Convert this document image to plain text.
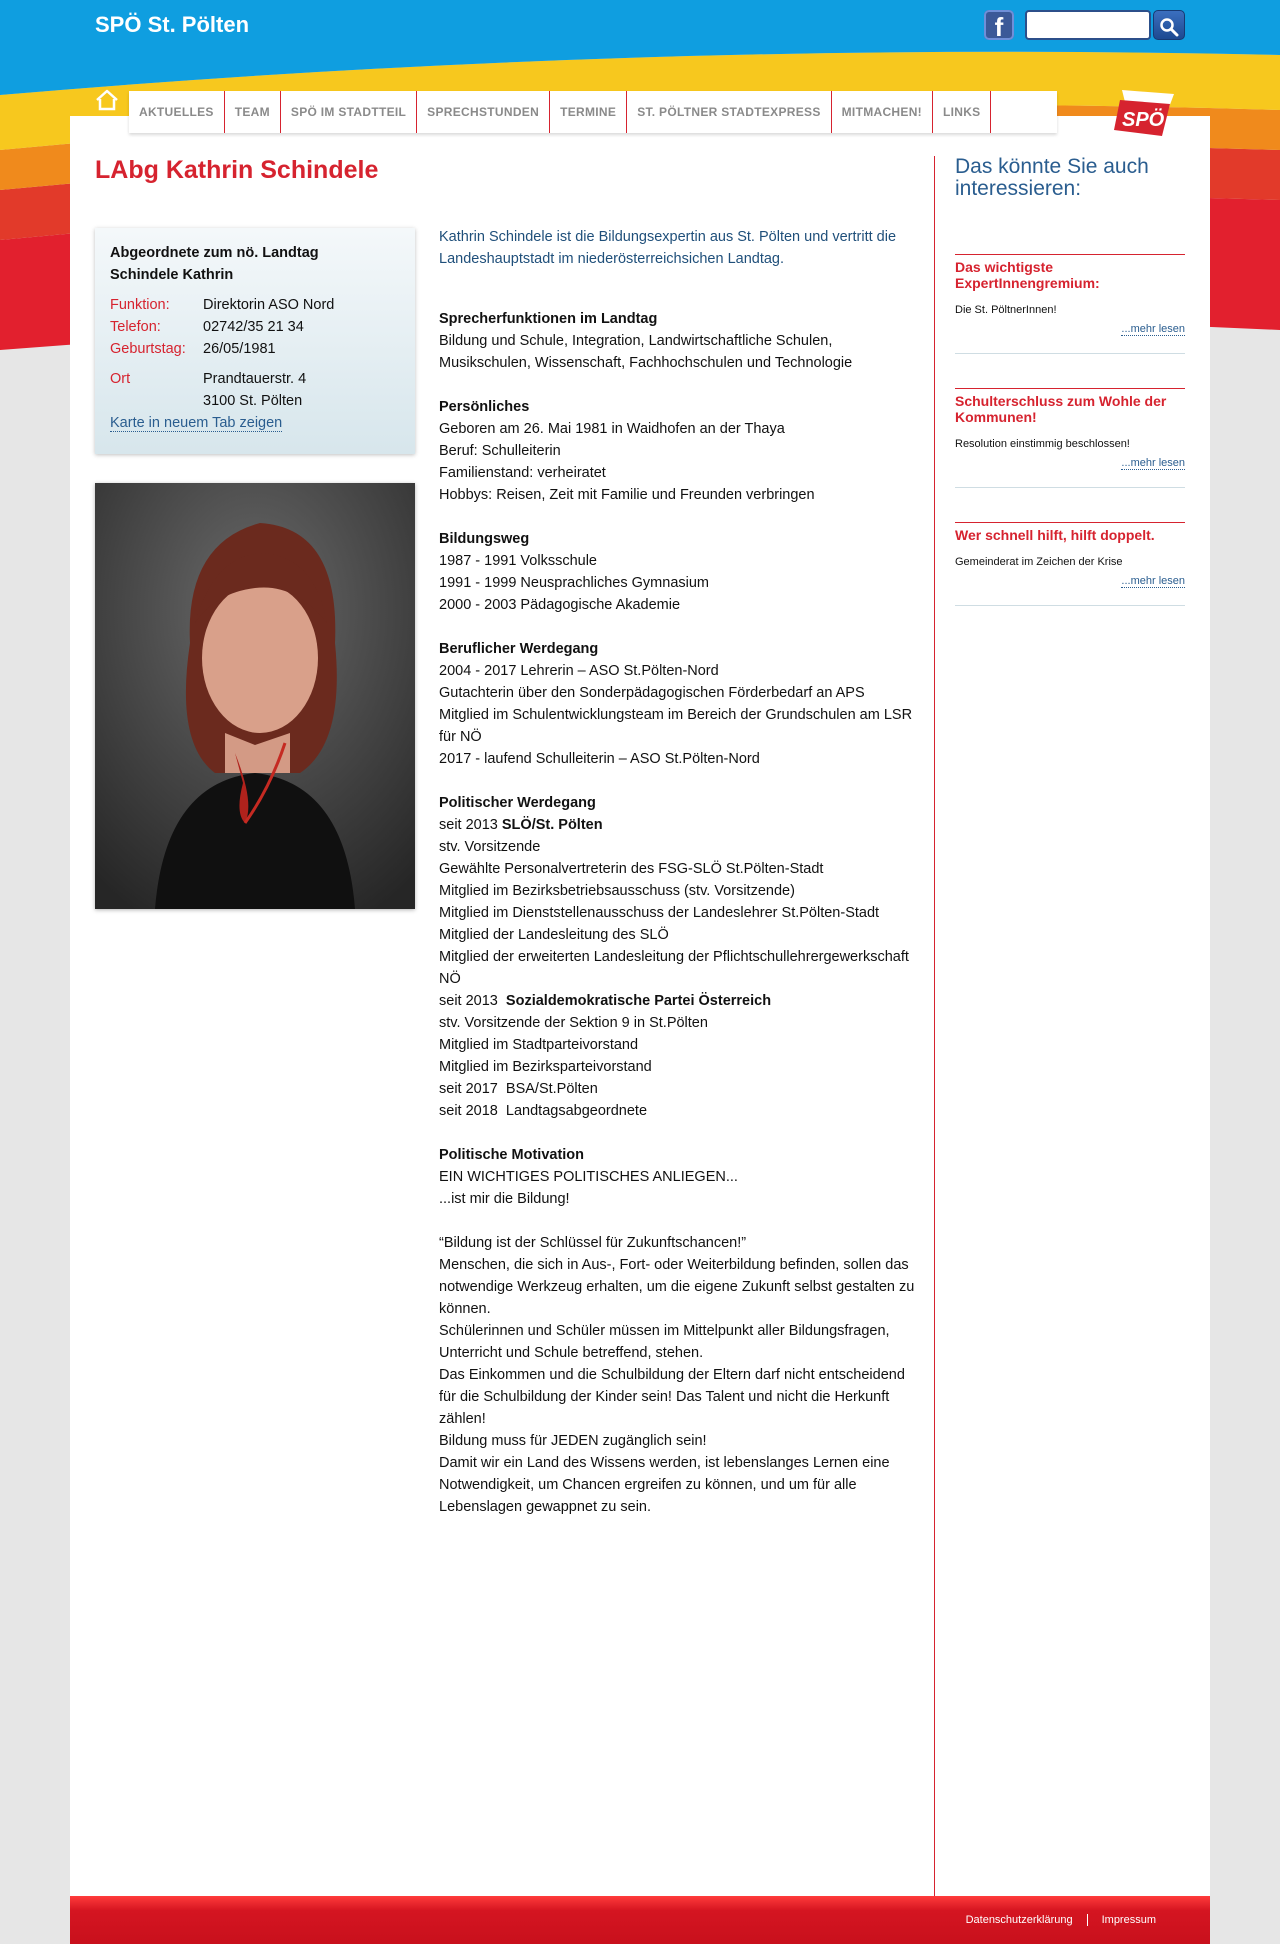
SPÖ St. Pölten	f
AKTUELLES	TEAM	SPÖ IM STADTTEIL	SPRECHSTUNDEN	TERMINE	ST. PÖLTNER STADTEXPRESS	MITMACHEN!	LINKS	SPÖ
LAbg Kathrin Schindele
Abgeordnete zum nö. Landtag
Schindele Kathrin
Funktion:	Direktorin ASO Nord
Telefon:	02742/35 21 34
Geburtstag:	26/05/1981
Ort	Prandtauerstr. 4
3100 St. Pölten
Karte in neuem Tab zeigen

Kathrin Schindele ist die Bildungsexpertin aus St. Pölten und vertritt die Landeshauptstadt im niederösterreichsichen Landtag.

Sprecherfunktionen im Landtag
Bildung und Schule, Integration, Landwirtschaftliche Schulen, Musikschulen, Wissenschaft, Fachhochschulen und Technologie
Persönliches
Geboren am 26. Mai 1981 in Waidhofen an der Thaya
Beruf: Schulleiterin
Familienstand: verheiratet
Hobbys: Reisen, Zeit mit Familie und Freunden verbringen
Bildungsweg
1987 - 1991 Volksschule
1991 - 1999 Neusprachliches Gymnasium
2000 - 2003 Pädagogische Akademie
Beruflicher Werdegang
2004 - 2017 Lehrerin – ASO St.Pölten-Nord
Gutachterin über den Sonderpädagogischen Förderbedarf an APS
Mitglied im Schulentwicklungsteam im Bereich der Grundschulen am LSR für NÖ
2017 - laufend Schulleiterin – ASO St.Pölten-Nord
Politischer Werdegang
seit 2013 SLÖ/St. Pölten
stv. Vorsitzende
Gewählte Personalvertreterin des FSG-SLÖ St.Pölten-Stadt
Mitglied im Bezirksbetriebsausschuss (stv. Vorsitzende)
Mitglied im Dienststellenausschuss der Landeslehrer St.Pölten-Stadt
Mitglied der Landesleitung des SLÖ
Mitglied der erweiterten Landesleitung der Pflichtschullehrergewerkschaft NÖ
seit 2013  Sozialdemokratische Partei Österreich
stv. Vorsitzende der Sektion 9 in St.Pölten
Mitglied im Stadtparteivorstand
Mitglied im Bezirksparteivorstand
seit 2017  BSA/St.Pölten
seit 2018  Landtagsabgeordnete
Politische Motivation
EIN WICHTIGES POLITISCHES ANLIEGEN...
...ist mir die Bildung!
“Bildung ist der Schlüssel für Zukunftschancen!”
Menschen, die sich in Aus-, Fort- oder Weiterbildung befinden, sollen das notwendige Werkzeug erhalten, um die eigene Zukunft selbst gestalten zu können.
Schülerinnen und Schüler müssen im Mittelpunkt aller Bildungsfragen, Unterricht und Schule betreffend, stehen.
Das Einkommen und die Schulbildung der Eltern darf nicht entscheidend für die Schulbildung der Kinder sein! Das Talent und nicht die Herkunft zählen!
Bildung muss für JEDEN zugänglich sein!
Damit wir ein Land des Wissens werden, ist lebenslanges Lernen eine Notwendigkeit, um Chancen ergreifen zu können, und um für alle Lebenslagen gewappnet zu sein.
Das könnte Sie auch interessieren:

Das wichtigste ExpertInnengremium:

Die St. PöltnerInnen!

...mehr lesen

Schulterschluss zum Wohle der Kommunen!

Resolution einstimmig beschlossen!

...mehr lesen

Wer schnell hilft, hilft doppelt.

Gemeinderat im Zeichen der Krise

...mehr lesen
Datenschutzerklärung	Impressum
